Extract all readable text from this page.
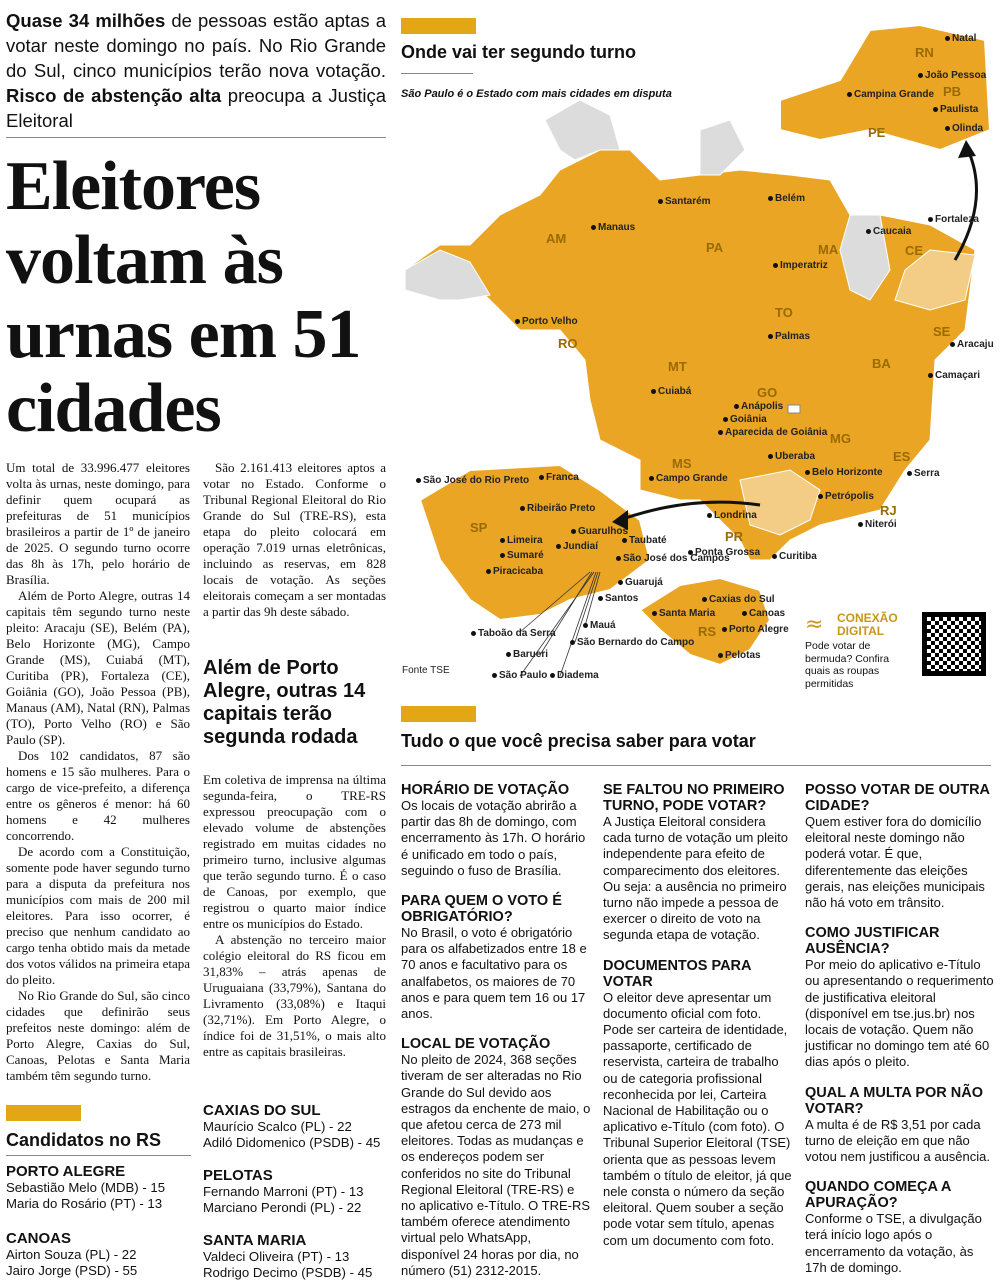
Quase 34 milhões de pessoas estão aptas a votar neste domingo no país. No Rio Grande do Sul, cinco municípios terão nova votação. Risco de abstenção alta preocupa a Justiça Eleitoral
Eleitores voltam às urnas em 51 cidades

Um total de 33.996.477 eleitores volta às urnas, neste domingo, para definir quem ocupará as prefeituras de 51 municípios brasileiros a partir de 1º de janeiro de 2025. O segundo turno ocorre das 8h às 17h, pelo horário de Brasília.

Além de Porto Alegre, outras 14 capitais têm segundo turno neste pleito: Aracaju (SE), Belém (PA), Belo Horizonte (MG), Campo Grande (MS), Cuiabá (MT), Curitiba (PR), Fortaleza (CE), Goiânia (GO), João Pessoa (PB), Manaus (AM), Natal (RN), Palmas (TO), Porto Velho (RO) e São Paulo (SP).

Dos 102 candidatos, 87 são homens e 15 são mulheres. Para o cargo de vice-prefeito, a diferença entre os gêneros é menor: há 60 homens e 42 mulheres concorrendo.

De acordo com a Constituição, somente pode haver segundo turno para a disputa da prefeitura nos municípios com mais de 200 mil eleitores. Para isso ocorrer, é preciso que nenhum candidato ao cargo tenha obtido mais da metade dos votos válidos na primeira etapa do pleito.

No Rio Grande do Sul, são cinco cidades que definirão seus prefeitos neste domingo: além de Porto Alegre, Caxias do Sul, Canoas, Pelotas e Santa Maria também têm segundo turno.

São 2.161.413 eleitores aptos a votar no Estado. Conforme o Tribunal Regional Eleitoral do Rio Grande do Sul (TRE-RS), esta etapa do pleito colocará em operação 7.019 urnas eletrônicas, incluindo as reservas, em 828 locais de votação. As seções eleitorais começam a ser montadas a partir das 9h deste sábado.

Além de Porto Alegre, outras 14 capitais terão segunda rodada

Em coletiva de imprensa na última segunda-feira, o TRE-RS expressou preocupação com o elevado volume de abstenções registrado em muitas cidades no primeiro turno, inclusive algumas que terão segundo turno. É o caso de Canoas, por exemplo, que registrou o quarto maior índice entre os municípios do Estado.

A abstenção no terceiro maior colégio eleitoral do RS ficou em 31,83% – atrás apenas de Uruguaiana (33,79%), Santana do Livramento (33,08%) e Itaqui (32,71%). Em Porto Alegre, o índice foi de 31,51%, o mais alto entre as capitais brasileiras.

Candidatos no RS
PORTO ALEGRE
Sebastião Melo (MDB) - 15
Maria do Rosário (PT) - 13
CANOAS
Airton Souza (PL) - 22
Jairo Jorge (PSD) - 55
CAXIAS DO SUL
Maurício Scalco (PL) - 22
Adiló Didomenico (PSDB) - 45
PELOTAS
Fernando Marroni (PT) - 13
Marciano Perondi (PL) - 22
SANTA MARIA
Valdeci Oliveira (PT) - 13
Rodrigo Decimo (PSDB) - 45
Onde vai ter segundo turno
São Paulo é o Estado com mais cidades em disputa
RN
PB
PE
AM
PA	MA	CE
TO
SE
BA
RO
MT
GO
MG
ES
RJ
MS
PR
SP
RS
Natal
João Pessoa
Campina Grande
Paulista
Olinda
Santarém
Manaus
Belém
Imperatriz
Caucaia
Fortaleza
Palmas
Aracaju
Camaçari
Porto Velho
Cuiabá
Anápolis
Goiânia
Aparecida de Goiânia
Uberaba
Belo Horizonte	Serra
Petrópolis
Niterói
Campo Grande
Londrina
Ponta Grossa	Curitiba
São José do Rio Preto	Franca
Ribeirão Preto
Guarulhos
Limeira
Jundiaí
Taubaté
Sumaré	São José dos Campos
Piracicaba
Guarujá
Santos
Taboão da Serra
Mauá
Barueri
São Bernardo do Campo
São Paulo Diadema
Santa Maria
Caxias do Sul
Canoas
Porto Alegre
Pelotas
Fonte TSE
≈ CONEXÃO DIGITAL
Pode votar de bermuda? Confira quais as roupas permitidas
Tudo o que você precisa saber para votar
HORÁRIO DE VOTAÇÃO

Os locais de votação abrirão a partir das 8h de domingo, com encerramento às 17h. O horário é unificado em todo o país, seguindo o fuso de Brasília.

PARA QUEM O VOTO É OBRIGATÓRIO?

No Brasil, o voto é obrigatório para os alfabetizados entre 18 e 70 anos e facultativo para os analfabetos, os maiores de 70 anos e para quem tem 16 ou 17 anos.

LOCAL DE VOTAÇÃO

No pleito de 2024, 368 seções tiveram de ser alteradas no Rio Grande do Sul devido aos estragos da enchente de maio, o que afetou cerca de 273 mil eleitores. Todas as mudanças e os endereços podem ser conferidos no site do Tribunal Regional Eleitoral (TRE-RS) e no aplicativo e-Título. O TRE-RS também oferece atendimento virtual pelo WhatsApp, disponível 24 horas por dia, no número (51) 2312-2015.

SE FALTOU NO PRIMEIRO TURNO, PODE VOTAR?

A Justiça Eleitoral considera cada turno de votação um pleito independente para efeito de comparecimento dos eleitores. Ou seja: a ausência no primeiro turno não impede a pessoa de exercer o direito de voto na segunda etapa de votação.

DOCUMENTOS PARA VOTAR

O eleitor deve apresentar um documento oficial com foto. Pode ser carteira de identidade, passaporte, certificado de reservista, carteira de trabalho ou de categoria profissional reconhecida por lei, Carteira Nacional de Habilitação ou o aplicativo e-Título (com foto). O Tribunal Superior Eleitoral (TSE) orienta que as pessoas levem também o título de eleitor, já que nele consta o número da seção eleitoral. Quem souber a seção pode votar sem título, apenas com um documento com foto.

POSSO VOTAR DE OUTRA CIDADE?

Quem estiver fora do domicílio eleitoral neste domingo não poderá votar. É que, diferentemente das eleições gerais, nas eleições municipais não há voto em trânsito.

COMO JUSTIFICAR AUSÊNCIA?

Por meio do aplicativo e-Título ou apresentando o requerimento de justificativa eleitoral (disponível em tse.jus.br) nos locais de votação. Quem não justificar no domingo tem até 60 dias após o pleito.

QUAL A MULTA POR NÃO VOTAR?

A multa é de R$ 3,51 por cada turno de eleição em que não votou nem justificou a ausência.

QUANDO COMEÇA A APURAÇÃO?

Conforme o TSE, a divulgação terá início logo após o encerramento da votação, às 17h de domingo.
